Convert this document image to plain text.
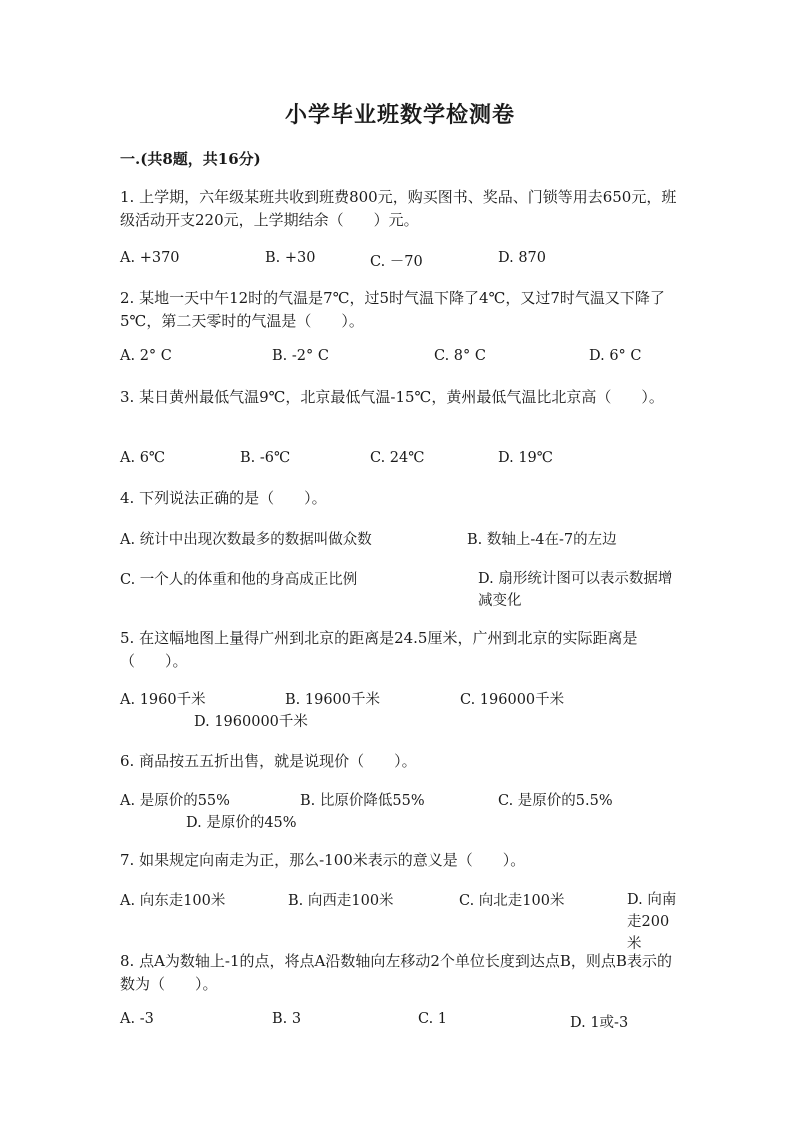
小学毕业班数学检测卷
一.(共8题，共16分)
1. 上学期，六年级某班共收到班费800元，购买图书、奖品、门锁等用去650元，班级活动开支220元，上学期结余（　　）元。
A. +370	B. +30	C. －70	D. 870
2. 某地一天中午12时的气温是7℃，过5时气温下降了4℃，又过7时气温又下降了5℃，第二天零时的气温是（　　）。
A. 2° C	B. -2° C	C. 8° C	D. 6° C
3. 某日黄州最低气温9℃，北京最低气温-15℃，黄州最低气温比北京高（　　）。
A. 6℃	B. -6℃	C. 24℃	D. 19℃
4. 下列说法正确的是（　　）。
A. 统计中出现次数最多的数据叫做众数	B. 数轴上-4在-7的左边
C. 一个人的体重和他的身高成正比例	D. 扇形统计图可以表示数据增减变化
5. 在这幅地图上量得广州到北京的距离是24.5厘米，广州到北京的实际距离是（　　）。
A. 1960千米	B. 19600千米	C. 196000千米
D. 1960000千米
6. 商品按五五折出售，就是说现价（　　）。
A. 是原价的55%	B. 比原价降低55%	C. 是原价的5.5%
D. 是原价的45%
7. 如果规定向南走为正，那么-100米表示的意义是（　　）。
A. 向东走100米	B. 向西走100米	C. 向北走100米	D. 向南走200米
8. 点A为数轴上-1的点，将点A沿数轴向左移动2个单位长度到达点B，则点B表示的数为（　　）。
A. -3	B. 3	C. 1	D. 1或-3
